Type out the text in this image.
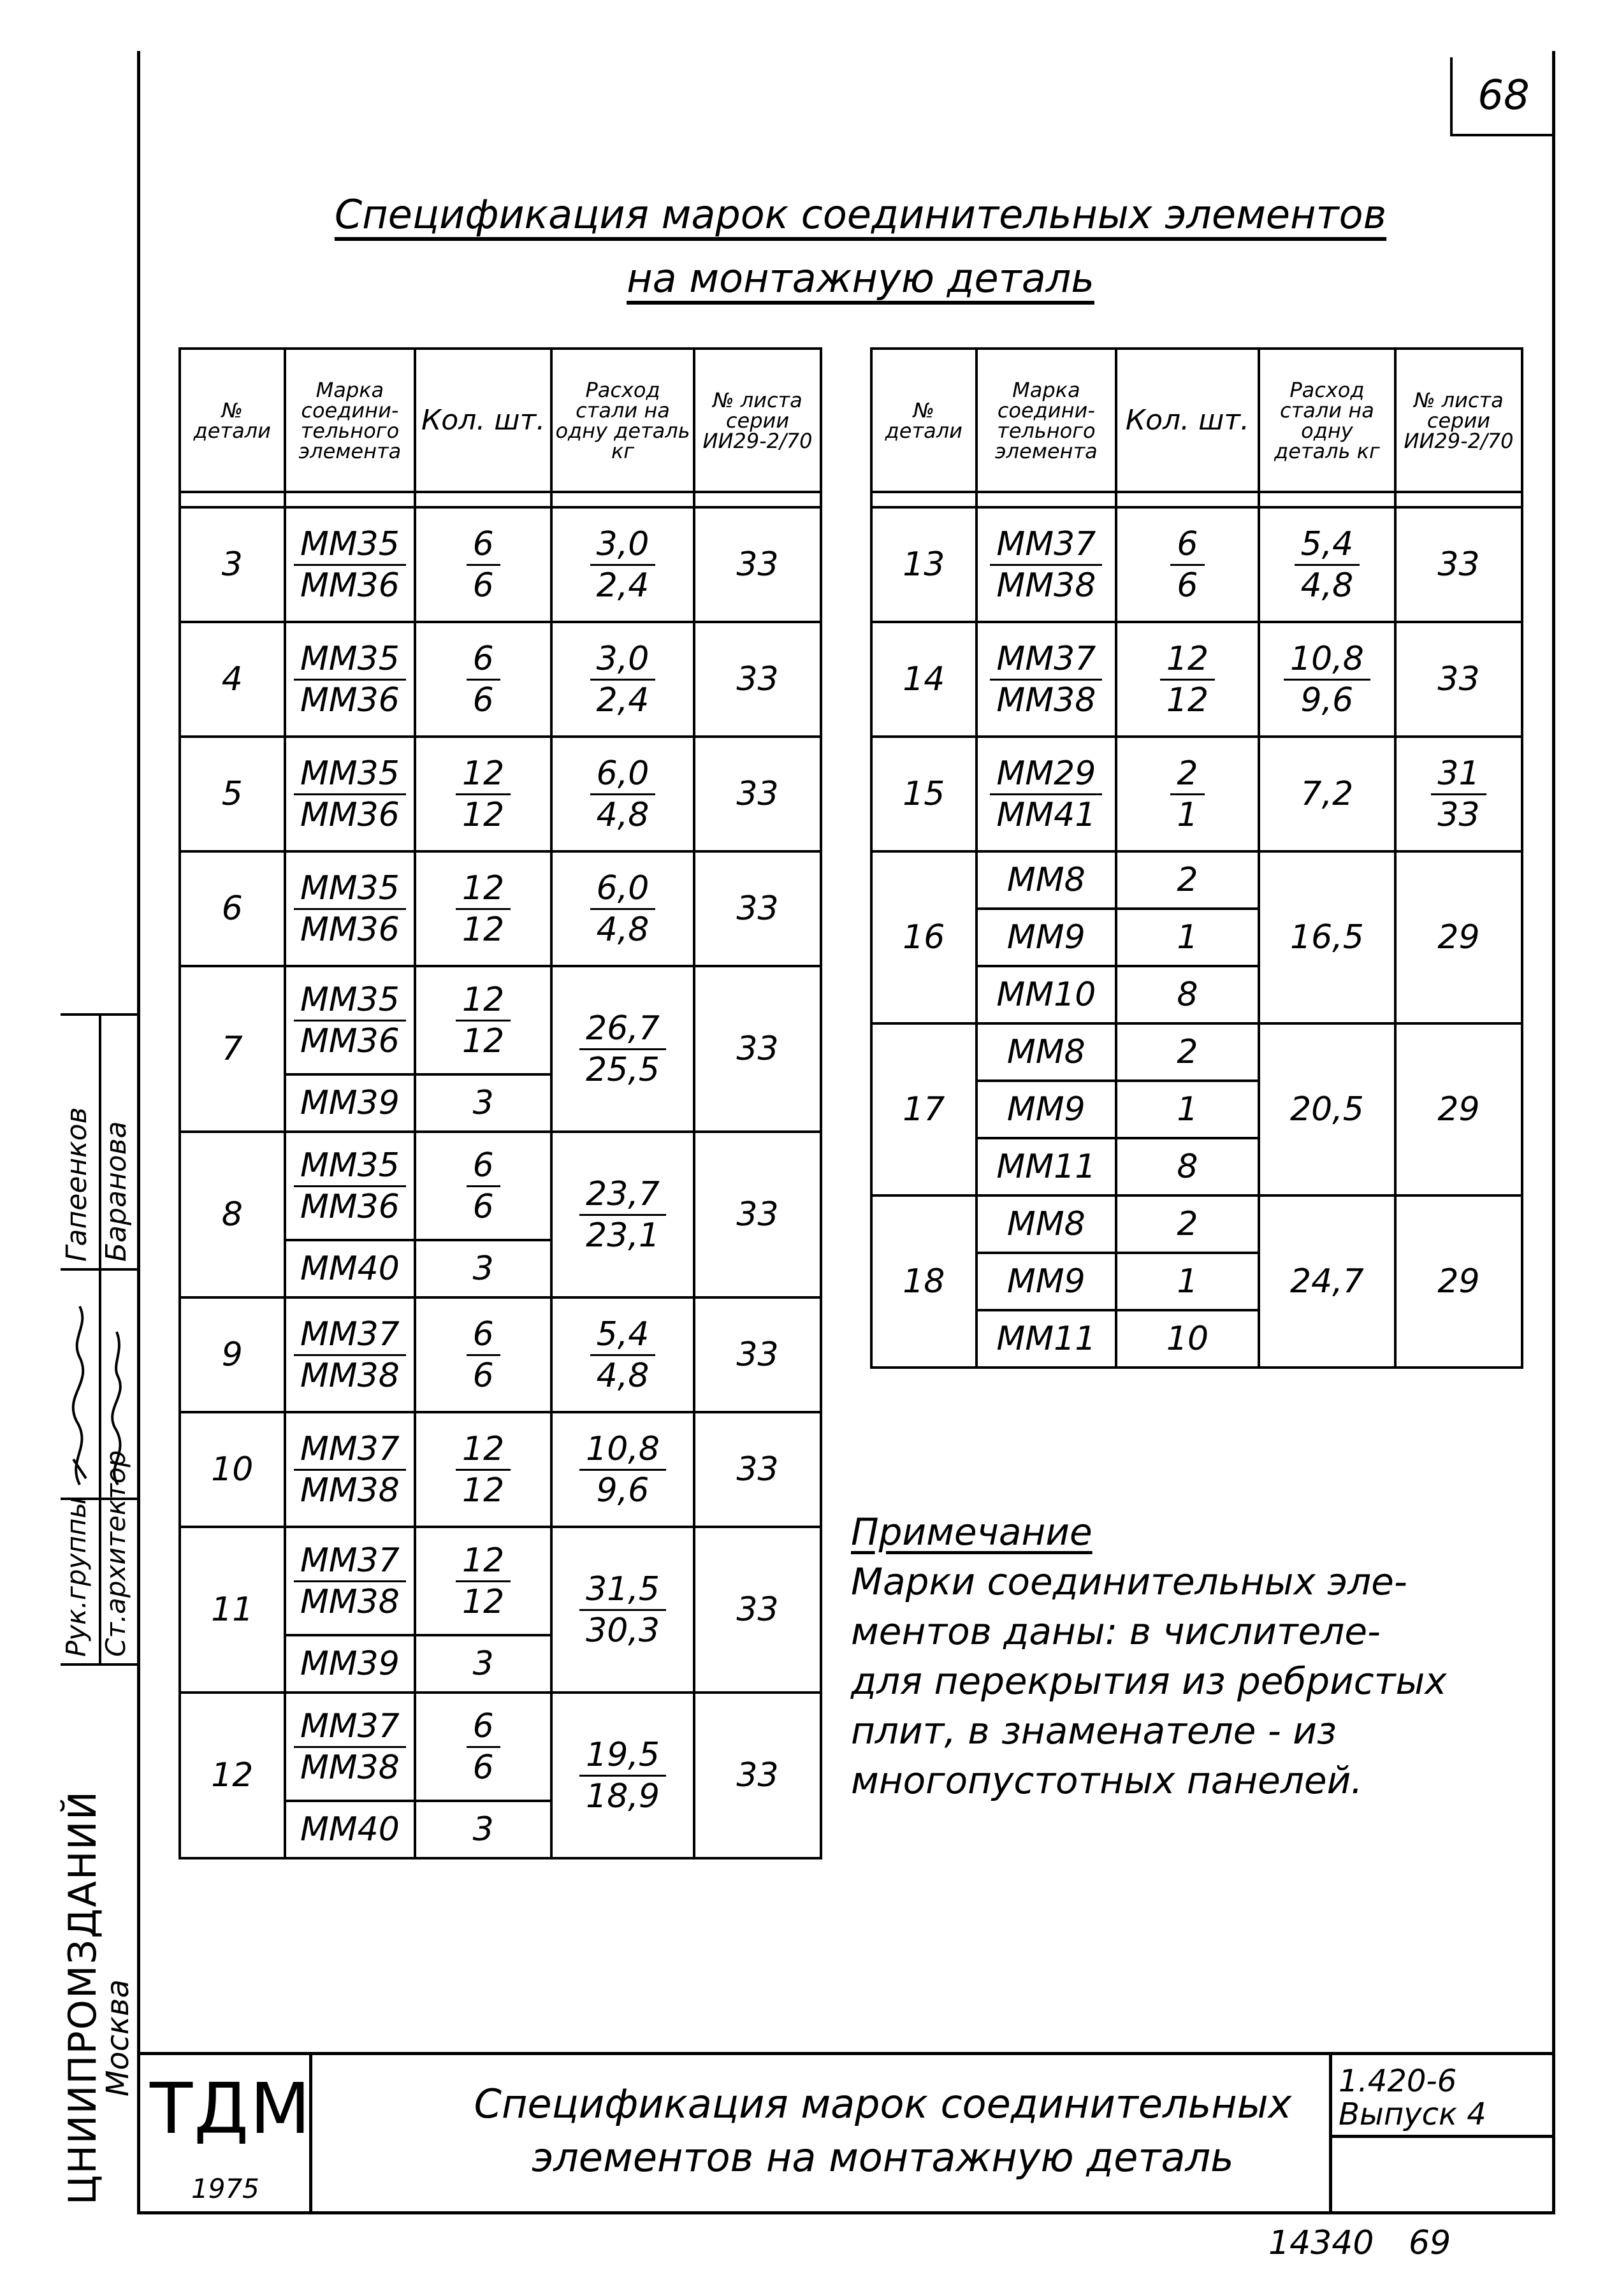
68
Спецификация марок соединительных элементов
на монтажную деталь
№ детали	Марка соедини-тельного элемента	Кол. шт.	Расход стали на одну деталь кг	№ листа серии ИИ29-2/70

3	$\frac{ММ35}{ММ36}$	$\frac{6}{6}$	$\frac{3,0}{2,4}$	33
4	$\frac{ММ35}{ММ36}$	$\frac{6}{6}$	$\frac{3,0}{2,4}$	33
5	$\frac{ММ35}{ММ36}$	$\frac{12}{12}$	$\frac{6,0}{4,8}$	33
6	$\frac{ММ35}{ММ36}$	$\frac{12}{12}$	$\frac{6,0}{4,8}$	33
7	$\frac{ММ35}{ММ36}$	$\frac{12}{12}$	$\frac{26,7}{25,5}$	33
	ММ39	3		
8	$\frac{ММ35}{ММ36}$	$\frac{6}{6}$	$\frac{23,7}{23,1}$	33
	ММ40	3		
9	$\frac{ММ37}{ММ38}$	$\frac{6}{6}$	$\frac{5,4}{4,8}$	33
10	$\frac{ММ37}{ММ38}$	$\frac{12}{12}$	$\frac{10,8}{9,6}$	33
11	$\frac{ММ37}{ММ38}$	$\frac{12}{12}$	$\frac{31,5}{30,3}$	33
	ММ39	3		
12	$\frac{ММ37}{ММ38}$	$\frac{6}{6}$	$\frac{19,5}{18,9}$	33
	ММ40	3		
№ детали	Марка соедини-тельного элемента	Кол. шт.	Расход стали на одну деталь кг	№ листа серии ИИ29-2/70

13	$\frac{ММ37}{ММ38}$	$\frac{6}{6}$	$\frac{5,4}{4,8}$	33
14	$\frac{ММ37}{ММ38}$	$\frac{12}{12}$	$\frac{10,8}{9,6}$	33
15	$\frac{ММ29}{ММ41}$	$\frac{2}{1}$	7,2	$\frac{31}{33}$

16	ММ8	2	16,5	29
	ММ9	1		
	ММ10	8		
17	ММ8	2	20,5	29
	ММ9	1		
	ММ11	8		
18	ММ8	2	24,7	29
	ММ9	1		
	ММ11	10		
Примечание
Марки соединительных эле-
ментов даны: в числителе-
для перекрытия из ребристых
плит, в знаменателе - из
многопустотных панелей.
Гапеенков Баранова
Рук.группы Ст.архитектор
ЦНИИПРОМЗДАНИЙ
Москва
ТДМ
1975
Спецификация марок соединительных
элементов на монтажную деталь
1.420-6
Выпуск 4
14340 69
